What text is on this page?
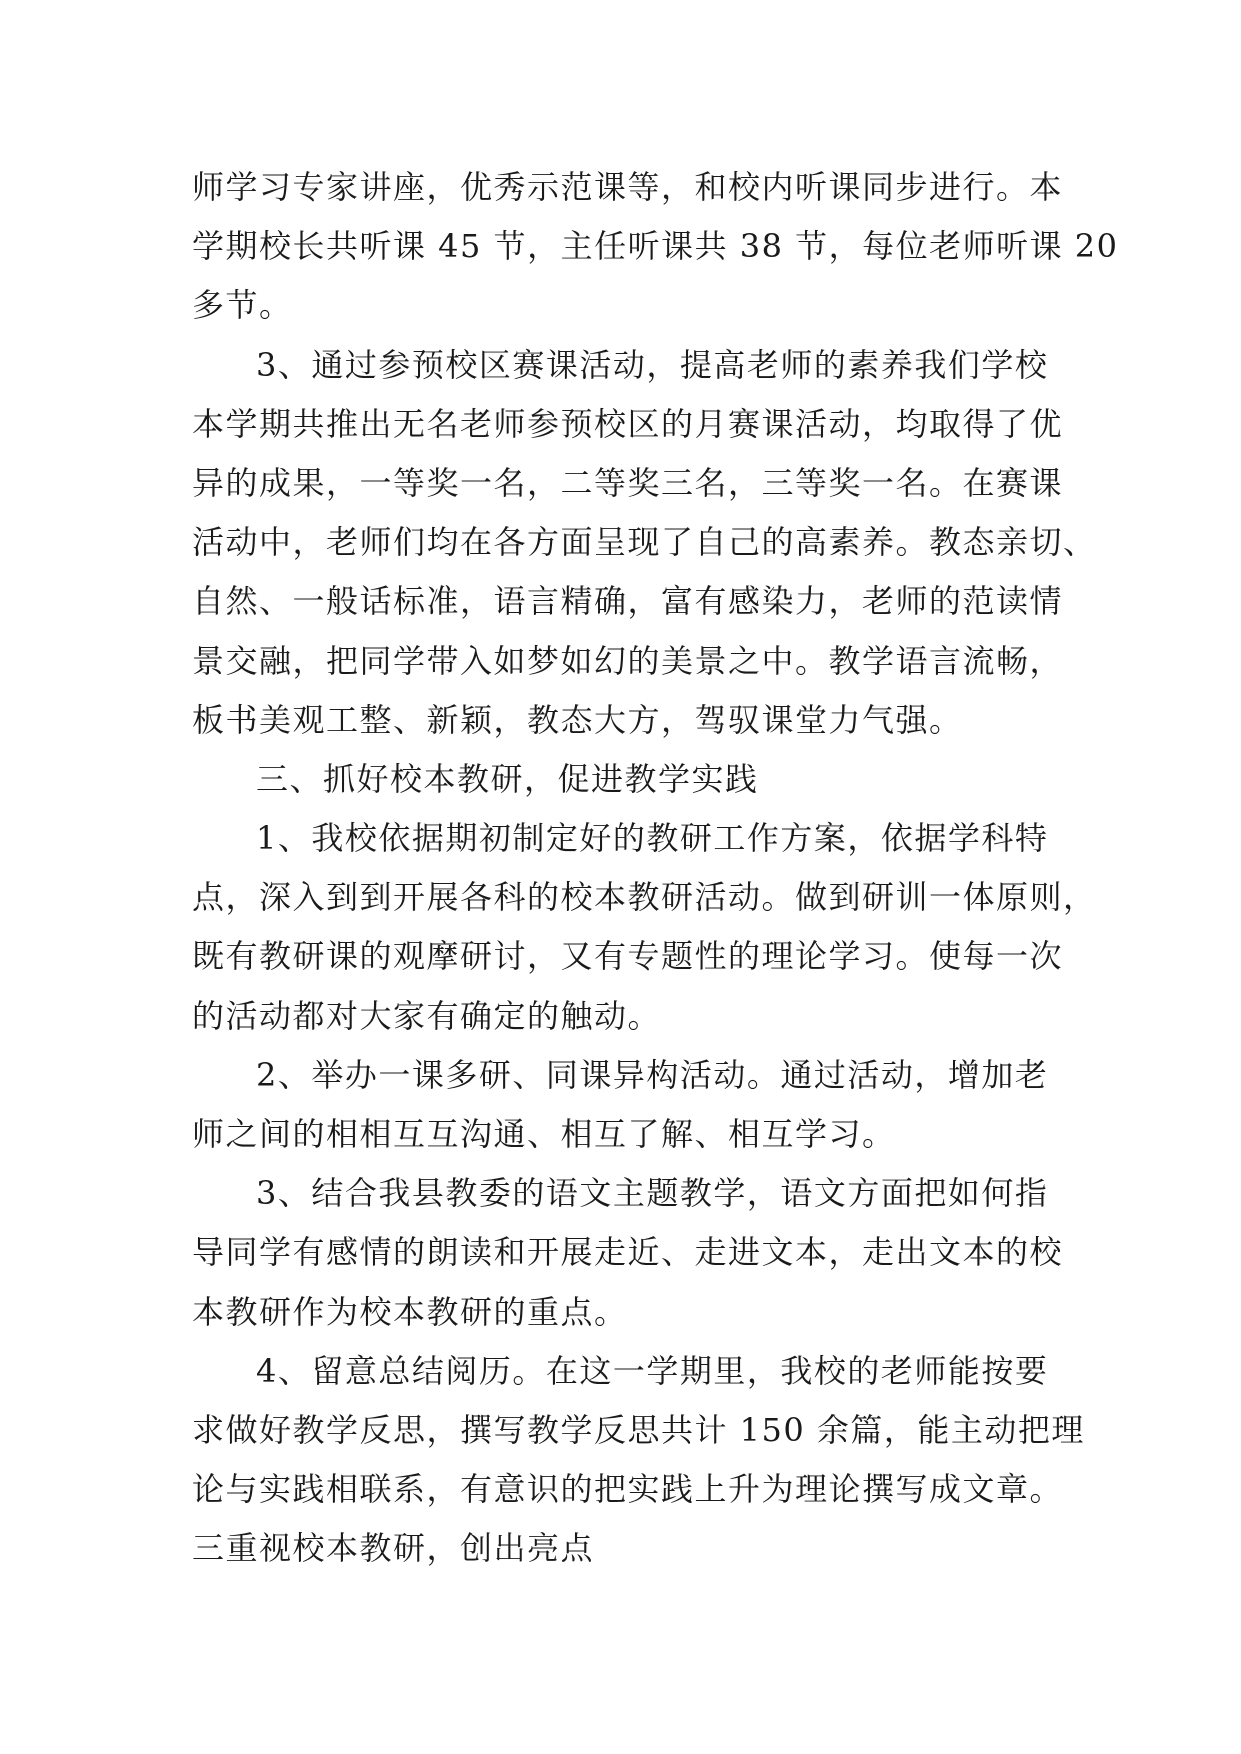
师学习专家讲座，优秀示范课等，和校内听课同步进行。本
学期校长共听课 45 节，主任听课共 38 节，每位老师听课 20
多节。
3、通过参预校区赛课活动，提高老师的素养我们学校
本学期共推出无名老师参预校区的月赛课活动，均取得了优
异的成果，一等奖一名，二等奖三名，三等奖一名。在赛课
活动中，老师们均在各方面呈现了自己的高素养。教态亲切、
自然、一般话标准，语言精确，富有感染力，老师的范读情
景交融，把同学带入如梦如幻的美景之中。教学语言流畅，
板书美观工整、新颖，教态大方，驾驭课堂力气强。
三、抓好校本教研，促进教学实践
1、我校依据期初制定好的教研工作方案，依据学科特
点，深入到到开展各科的校本教研活动。做到研训一体原则，
既有教研课的观摩研讨，又有专题性的理论学习。使每一次
的活动都对大家有确定的触动。
2、举办一课多研、同课异构活动。通过活动，增加老
师之间的相相互互沟通、相互了解、相互学习。
3、结合我县教委的语文主题教学，语文方面把如何指
导同学有感情的朗读和开展走近、走进文本，走出文本的校
本教研作为校本教研的重点。
4、留意总结阅历。在这一学期里，我校的老师能按要
求做好教学反思，撰写教学反思共计 150 余篇，能主动把理
论与实践相联系，有意识的把实践上升为理论撰写成文章。
三重视校本教研，创出亮点
